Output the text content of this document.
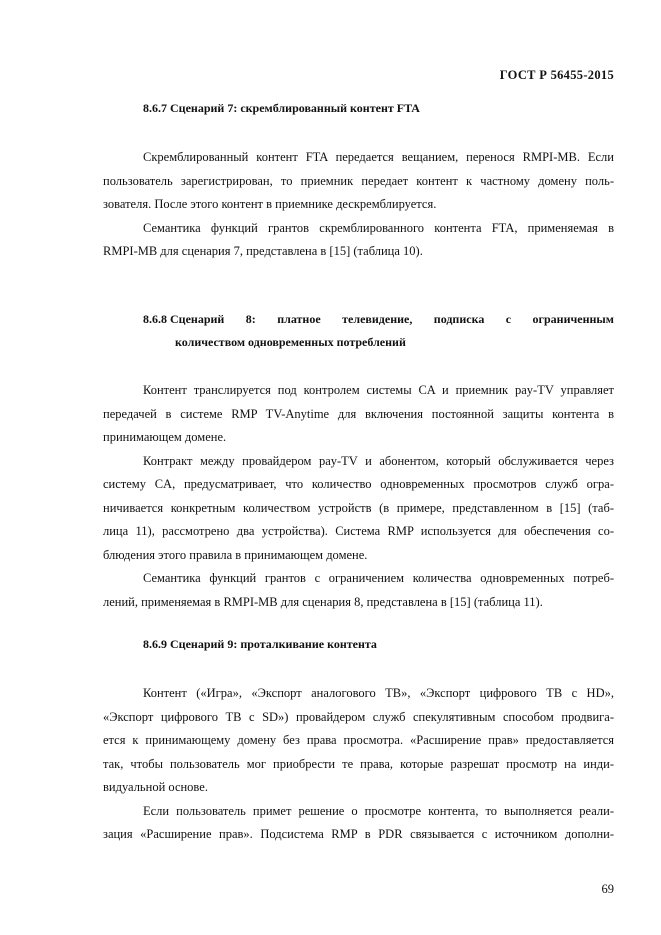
ГОСТ Р 56455-2015
8.6.7 Сценарий 7: скремблированный контент FTA
Скремблированный контент FTA передается вещанием, перенося RMPI-MB. Если
пользователь зарегистрирован, то приемник передает контент к частному домену поль-
зователя. После этого контент в приемнике дескремблируется.
Семантика функций грантов скремблированного контента FTA, применяемая в
RMPI-MB для сценария 7, представлена в [15] (таблица 10).
8.6.8 Сценарий 8: платное телевидение, подписка с ограниченным
количеством одновременных потреблений
Контент транслируется под контролем системы CA и приемник pay-TV управляет
передачей в системе RMP TV-Anytime для включения постоянной защиты контента в
принимающем домене.
Контракт между провайдером pay-TV и абонентом, который обслуживается через
систему CA, предусматривает, что количество одновременных просмотров служб огра-
ничивается конкретным количеством устройств (в примере, представленном в [15] (таб-
лица 11), рассмотрено два устройства). Система RMP используется для обеспечения со-
блюдения этого правила в принимающем домене.
Семантика функций грантов с ограничением количества одновременных потреб-
лений, применяемая в RMPI-MB для сценария 8, представлена в [15] (таблица 11).
8.6.9 Сценарий 9: проталкивание контента
Контент («Игра», «Экспорт аналогового ТВ», «Экспорт цифрового ТВ с HD»,
«Экспорт цифрового ТВ с SD») провайдером служб спекулятивным способом продвига-
ется к принимающему домену без права просмотра. «Расширение прав» предоставляется
так, чтобы пользователь мог приобрести те права, которые разрешат просмотр на инди-
видуальной основе.
Если пользователь примет решение о просмотре контента, то выполняется реали-
зация «Расширение прав». Подсистема RMP в PDR связывается с источником дополни-
69
